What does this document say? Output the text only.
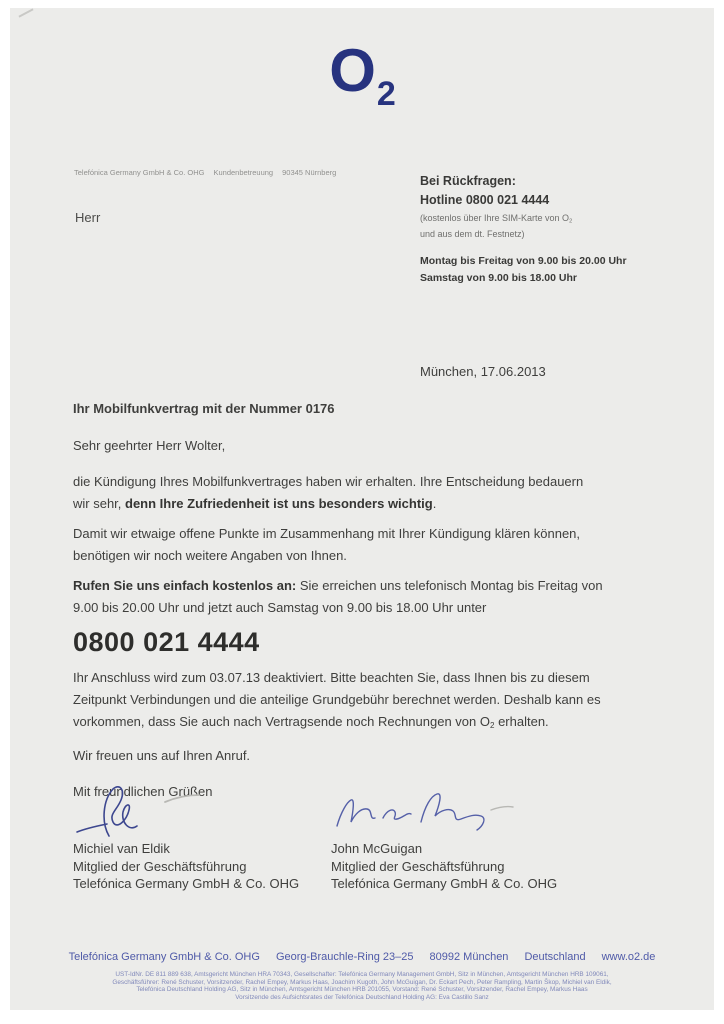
O2
Telefónica Germany GmbH & Co. OHG Kundenbetreuung 90345 Nürnberg
Herr
Bei Rückfragen:
Hotline 0800 021 4444
(kostenlos über Ihre SIM-Karte von O2
und aus dem dt. Festnetz)
Montag bis Freitag von 9.00 bis 20.00 Uhr
Samstag von 9.00 bis 18.00 Uhr
München, 17.06.2013
Ihr Mobilfunkvertrag mit der Nummer 0176

Sehr geehrter Herr Wolter,

die Kündigung Ihres Mobilfunkvertrages haben wir erhalten. Ihre Entscheidung bedauern wir sehr, denn Ihre Zufriedenheit ist uns besonders wichtig.

Damit wir etwaige offene Punkte im Zusammenhang mit Ihrer Kündigung klären können, benötigen wir noch weitere Angaben von Ihnen.

Rufen Sie uns einfach kostenlos an: Sie erreichen uns telefonisch Montag bis Freitag von 9.00 bis 20.00 Uhr und jetzt auch Samstag von 9.00 bis 18.00 Uhr unter

0800 021 4444

Ihr Anschluss wird zum 03.07.13 deaktiviert. Bitte beachten Sie, dass Ihnen bis zu diesem Zeitpunkt Verbindungen und die anteilige Grundgebühr berechnet werden. Deshalb kann es vorkommen, dass Sie auch nach Vertragsende noch Rechnungen von O2 erhalten.

Wir freuen uns auf Ihren Anruf.

Mit freundlichen Grüßen

Michiel van Eldik
Mitglied der Geschäftsführung
Telefónica Germany GmbH & Co. OHG
John McGuigan
Mitglied der Geschäftsführung
Telefónica Germany GmbH & Co. OHG
Telefónica Germany GmbH & Co. OHG Georg-Brauchle-Ring 23–25 80992 München Deutschland www.o2.de
UST-IdNr. DE 811 889 638, Amtsgericht München HRA 70343, Gesellschafter: Telefónica Germany Management GmbH, Sitz in München, Amtsgericht München HRB 109061,
Geschäftsführer: René Schuster, Vorsitzender, Rachel Empey, Markus Haas, Joachim Kugoth, John McGuigan, Dr. Eckart Pech, Peter Rampling, Martin Škop, Michiel van Eldik,
Telefónica Deutschland Holding AG, Sitz in München, Amtsgericht München HRB 201055, Vorstand: René Schuster, Vorsitzender, Rachel Empey, Markus Haas
Vorsitzende des Aufsichtsrates der Telefónica Deutschland Holding AG: Eva Castillo Sanz
